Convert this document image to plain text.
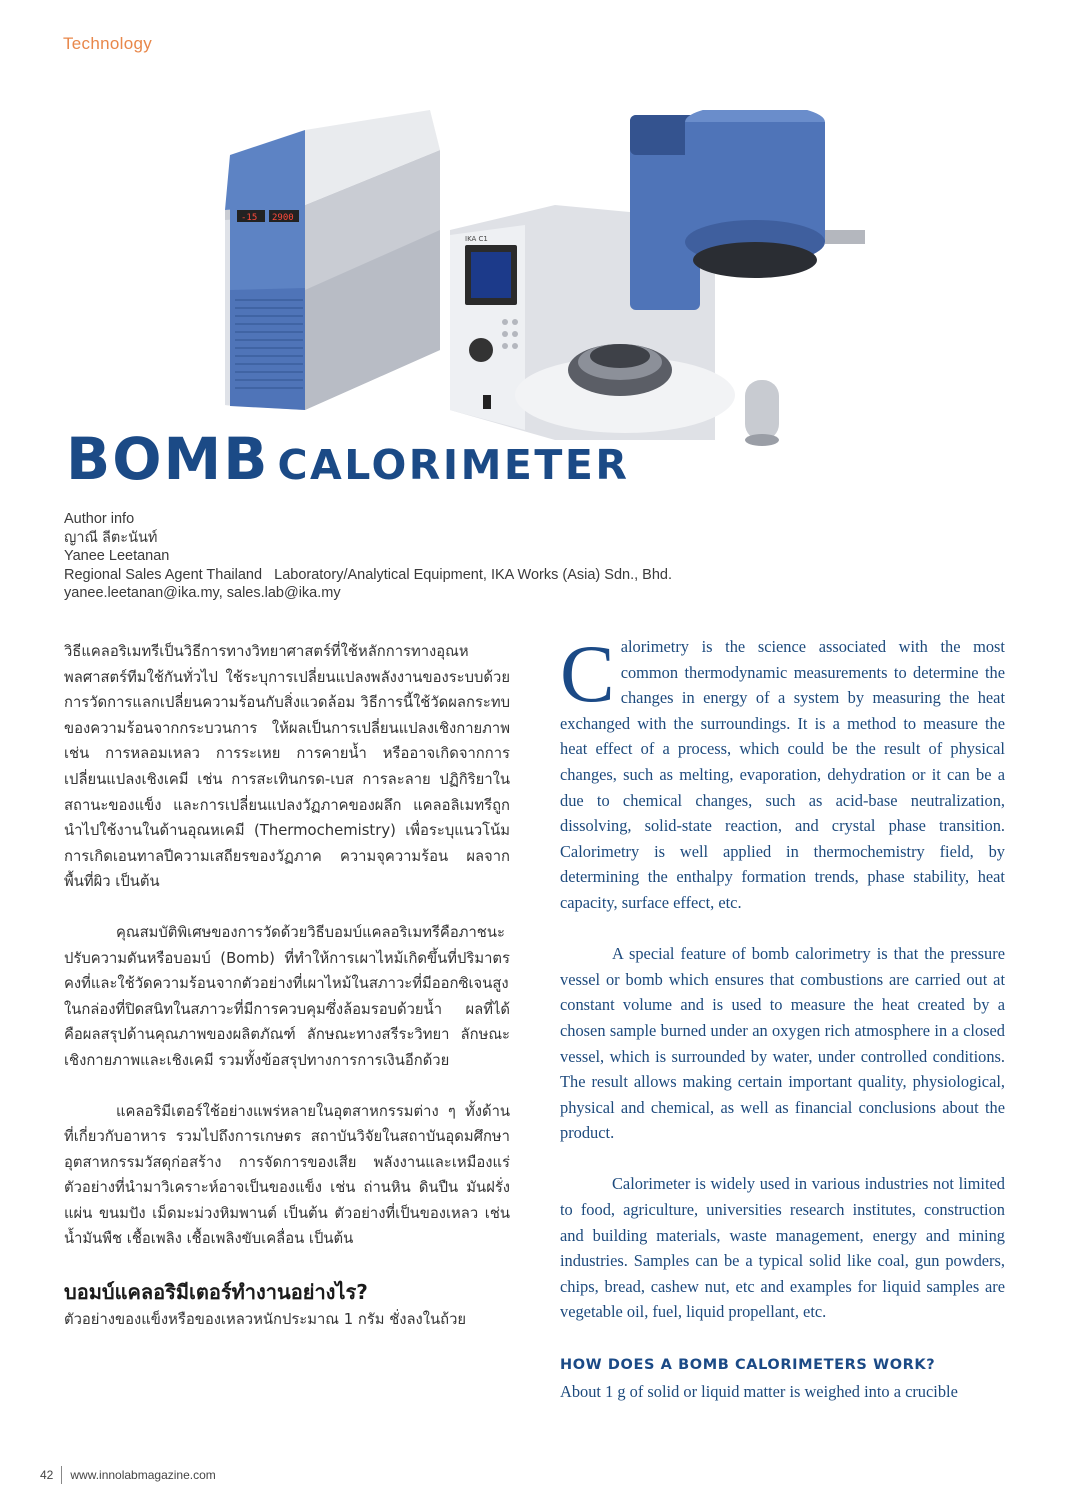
Technology
-15 2900
IKA C1
BOMB CALORIMETER
Author info
ญาณี ลีตะนันท์
Yanee Leetanan
Regional Sales Agent Thailand   Laboratory/Analytical Equipment, IKA Works (Asia) Sdn., Bhd.
yanee.leetanan@ika.my, sales.lab@ika.my

วิธีแคลอริเมทรีเป็นวิธีการทางวิทยาศาสตร์ที่ใช้หลักการทางอุณหพลศาสตร์ทีมใช้กันทั่วไป ใช้ระบุการเปลี่ยนแปลงพลังงานของระบบด้วยการวัดการแลกเปลี่ยนความร้อนกับสิ่งแวดล้อม วิธีการนี้ใช้วัดผลกระทบของความร้อนจากกระบวนการ ให้ผลเป็นการเปลี่ยนแปลงเชิงกายภาพ เช่น การหลอมเหลว การระเหย การคายน้ำ หรืออาจเกิดจากการเปลี่ยนแปลงเชิงเคมี เช่น การสะเทินกรด-เบส การละลาย ปฏิกิริยาในสถานะของแข็ง และการเปลี่ยนแปลงวัฏภาคของผลึก แคลอลิเมทรีถูกนำไปใช้งานในด้านอุณหเคมี (Thermochemistry) เพื่อระบุแนวโน้มการเกิดเอนทาลปีความเสถียรของวัฏภาค ความจุความร้อน ผลจากพื้นที่ผิว เป็นต้น

คุณสมบัติพิเศษของการวัดด้วยวิธีบอมบ์แคลอริเมทรีคือภาชนะปรับความดันหรือบอมบ์ (Bomb) ที่ทำให้การเผาไหม้เกิดขึ้นที่ปริมาตรคงที่และใช้วัดความร้อนจากตัวอย่างที่เผาไหม้ในสภาวะที่มีออกซิเจนสูงในกล่องที่ปิดสนิทในสภาวะที่มีการควบคุมซึ่งล้อมรอบด้วยน้ำ ผลที่ได้คือผลสรุปด้านคุณภาพของผลิตภัณฑ์ ลักษณะทางสรีระวิทยา ลักษณะเชิงกายภาพและเชิงเคมี รวมทั้งข้อสรุปทางการการเงินอีกด้วย

แคลอริมีเตอร์ใช้อย่างแพร่หลายในอุตสาหกรรมต่าง ๆ ทั้งด้านที่เกี่ยวกับอาหาร รวมไปถึงการเกษตร สถาบันวิจัยในสถาบันอุดมศึกษา อุตสาหกรรมวัสดุก่อสร้าง การจัดการของเสีย พลังงานและเหมืองแร่ ตัวอย่างที่นำมาวิเคราะห์อาจเป็นของแข็ง เช่น ถ่านหิน ดินปืน มันฝรั่งแผ่น ขนมปัง เม็ดมะม่วงหิมพานต์ เป็นต้น ตัวอย่างที่เป็นของเหลว เช่น น้ำมันพืช เชื้อเพลิง เชื้อเพลิงขับเคลื่อน เป็นต้น

บอมบ์แคลอริมีเตอร์ทำงานอย่างไร?

ตัวอย่างของแข็งหรือของเหลวหนักประมาณ 1 กรัม ชั่งลงในถ้วย

Calorimetry is the science associated with the most common thermodynamic measurements to determine the changes in energy of a system by measuring the heat exchanged with the surroundings. It is a method to measure the heat effect of a process, which could be the result of physical changes, such as melting, evaporation, dehydration or it can be a due to chemical changes, such as acid-base neutralization, dissolving, solid-state reaction, and crystal phase transition. Calorimetry is well applied in thermochemistry field, by determining the enthalpy formation trends, phase stability, heat capacity, surface effect, etc.

A special feature of bomb calorimetry is that the pressure vessel or bomb which ensures that combustions are carried out at constant volume and is used to measure the heat created by a chosen sample burned under an oxygen rich atmosphere in a closed vessel, which is surrounded by water, under controlled conditions. The result allows making certain important quality, physiological, physical and chemical, as well as financial conclusions about the product.

Calorimeter is widely used in various industries not limited to food, agriculture, universities research institutes, construction and building materials, waste management, energy and mining industries. Samples can be a typical solid like coal, gun powders, chips, bread, cashew nut, etc and examples for liquid samples are vegetable oil, fuel, liquid propellant, etc.

HOW DOES A BOMB CALORIMETERS WORK?

About 1 g of solid or liquid matter is weighed into a crucible

42 www.innolabmagazine.com
